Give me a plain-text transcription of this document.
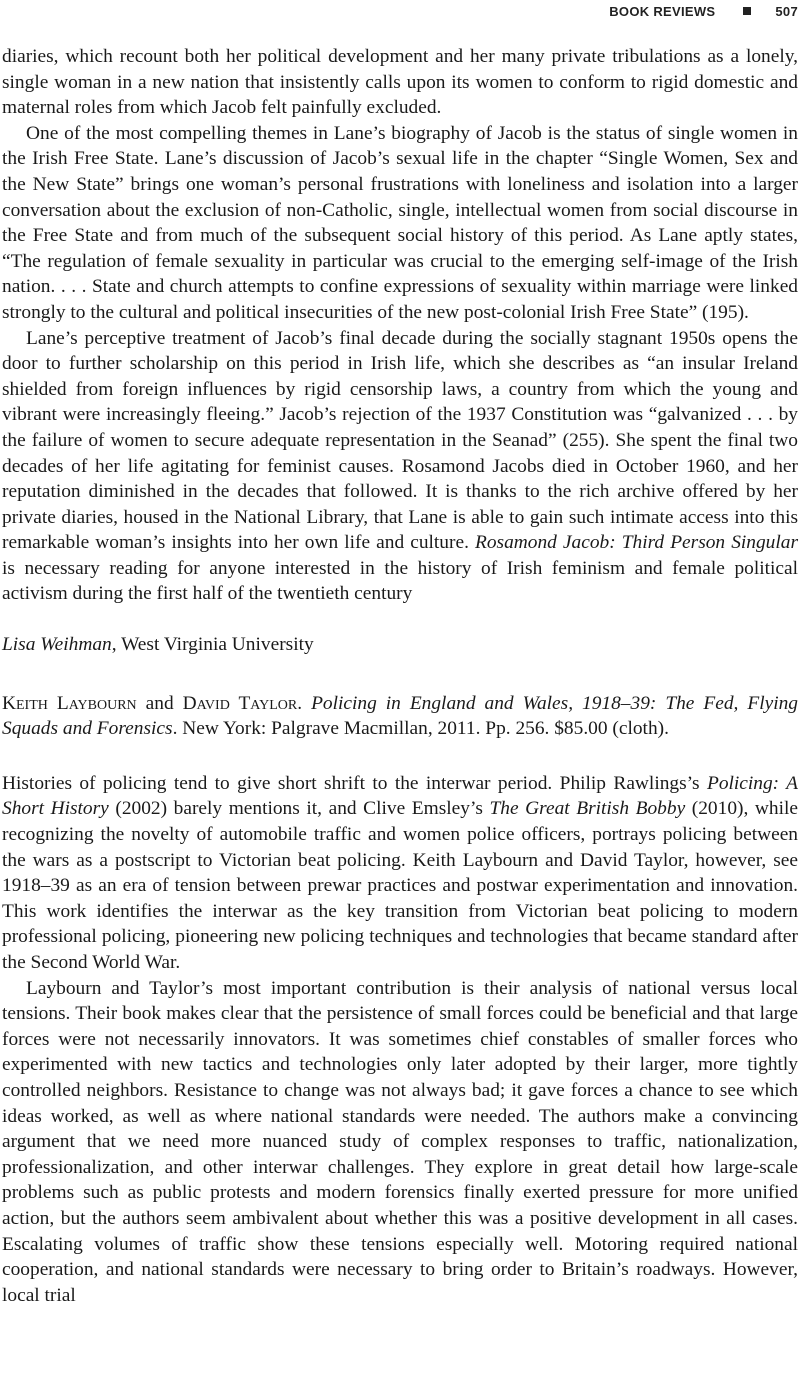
BOOK REVIEWS	507

diaries, which recount both her political development and her many private tribulations as a lonely, single woman in a new nation that insistently calls upon its women to conform to rigid domestic and maternal roles from which Jacob felt painfully excluded.

One of the most compelling themes in Lane’s biography of Jacob is the status of single women in the Irish Free State. Lane’s discussion of Jacob’s sexual life in the chapter “Single Women, Sex and the New State” brings one woman’s personal frustrations with loneliness and isolation into a larger conversation about the exclusion of non-Catholic, single, intellectual women from social discourse in the Free State and from much of the subsequent social history of this period. As Lane aptly states, “The regulation of female sexuality in particular was crucial to the emerging self-image of the Irish nation. . . . State and church attempts to confine expressions of sexuality within marriage were linked strongly to the cultural and political insecurities of the new post-colonial Irish Free State” (195).

Lane’s perceptive treatment of Jacob’s final decade during the socially stagnant 1950s opens the door to further scholarship on this period in Irish life, which she describes as “an insular Ireland shielded from foreign influences by rigid censorship laws, a country from which the young and vibrant were increasingly fleeing.” Jacob’s rejection of the 1937 Constitution was “galvanized . . . by the failure of women to secure adequate representation in the Seanad” (255). She spent the final two decades of her life agitating for feminist causes. Rosamond Jacobs died in October 1960, and her reputation diminished in the decades that followed. It is thanks to the rich archive offered by her private diaries, housed in the National Library, that Lane is able to gain such intimate access into this remarkable woman’s insights into her own life and culture. Rosamond Jacob: Third Person Singular is necessary reading for anyone interested in the history of Irish feminism and female political activism during the first half of the twentieth century

Lisa Weihman, West Virginia University

Keith Laybourn and David Taylor. Policing in England and Wales, 1918–39: The Fed, Flying Squads and Forensics. New York: Palgrave Macmillan, 2011. Pp. 256. $85.00 (cloth).

Histories of policing tend to give short shrift to the interwar period. Philip Rawlings’s Policing: A Short History (2002) barely mentions it, and Clive Emsley’s The Great British Bobby (2010), while recognizing the novelty of automobile traffic and women police officers, portrays policing between the wars as a postscript to Victorian beat policing. Keith Laybourn and David Taylor, however, see 1918–39 as an era of tension between prewar practices and postwar experimentation and innovation. This work identifies the interwar as the key transition from Victorian beat policing to modern professional policing, pioneering new policing techniques and technologies that became standard after the Second World War.

Laybourn and Taylor’s most important contribution is their analysis of national versus local tensions. Their book makes clear that the persistence of small forces could be beneficial and that large forces were not necessarily innovators. It was sometimes chief constables of smaller forces who experimented with new tactics and technologies only later adopted by their larger, more tightly controlled neighbors. Resistance to change was not always bad; it gave forces a chance to see which ideas worked, as well as where national standards were needed. The authors make a convincing argument that we need more nuanced study of complex responses to traffic, nationalization, professionalization, and other interwar challenges. They explore in great detail how large-scale problems such as public protests and modern forensics finally exerted pressure for more unified action, but the authors seem ambivalent about whether this was a positive development in all cases. Escalating volumes of traffic show these tensions especially well. Motoring required national cooperation, and national standards were necessary to bring order to Britain’s roadways. However, local trial
